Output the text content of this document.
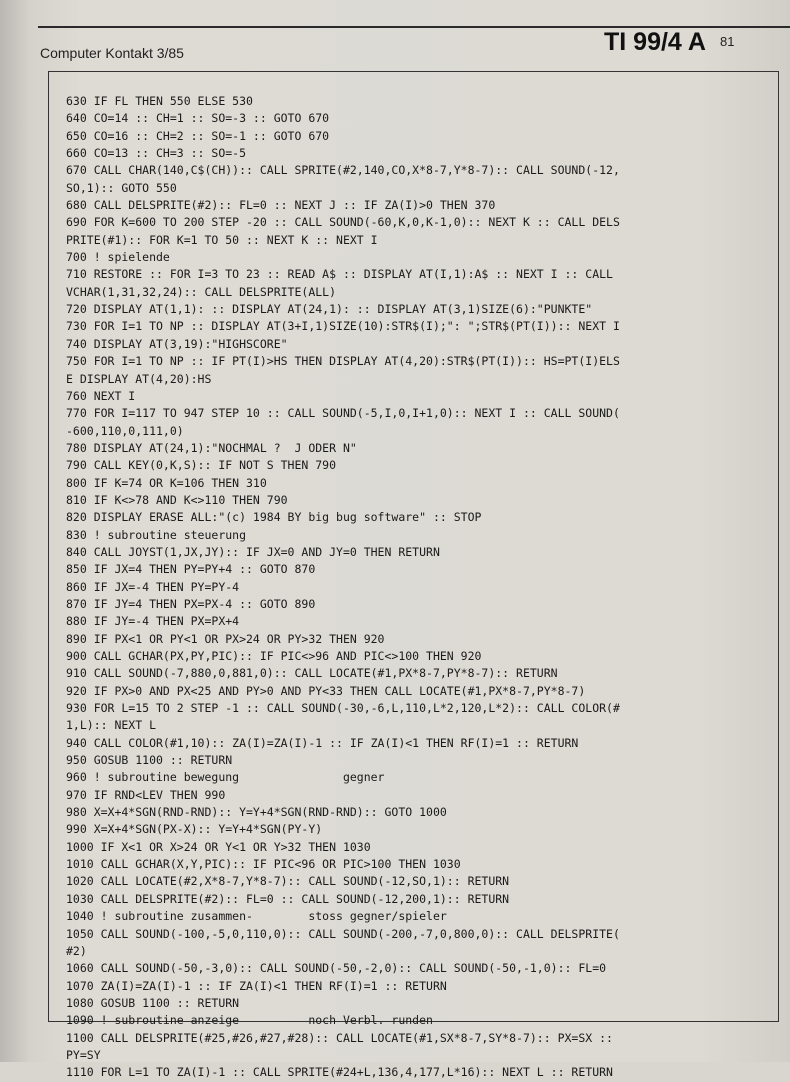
Computer Kontakt 3/85	TI 99/4 A 81
630 IF FL THEN 550 ELSE 530
640 CO=14 :: CH=1 :: SO=-3 :: GOTO 670
650 CO=16 :: CH=2 :: SO=-1 :: GOTO 670
660 CO=13 :: CH=3 :: SO=-5
670 CALL CHAR(140,C$(CH)):: CALL SPRITE(#2,140,CO,X*8-7,Y*8-7):: CALL SOUND(-12,
SO,1):: GOTO 550
680 CALL DELSPRITE(#2):: FL=0 :: NEXT J :: IF ZA(I)>0 THEN 370
690 FOR K=600 TO 200 STEP -20 :: CALL SOUND(-60,K,0,K-1,0):: NEXT K :: CALL DELS
PRITE(#1):: FOR K=1 TO 50 :: NEXT K :: NEXT I
700 ! spielende
710 RESTORE :: FOR I=3 TO 23 :: READ A$ :: DISPLAY AT(I,1):A$ :: NEXT I :: CALL
VCHAR(1,31,32,24):: CALL DELSPRITE(ALL)
720 DISPLAY AT(1,1): :: DISPLAY AT(24,1): :: DISPLAY AT(3,1)SIZE(6):"PUNKTE"
730 FOR I=1 TO NP :: DISPLAY AT(3+I,1)SIZE(10):STR$(I);": ";STR$(PT(I)):: NEXT I
740 DISPLAY AT(3,19):"HIGHSCORE"
750 FOR I=1 TO NP :: IF PT(I)>HS THEN DISPLAY AT(4,20):STR$(PT(I)):: HS=PT(I)ELS
E DISPLAY AT(4,20):HS
760 NEXT I
770 FOR I=117 TO 947 STEP 10 :: CALL SOUND(-5,I,0,I+1,0):: NEXT I :: CALL SOUND(
-600,110,0,111,0)
780 DISPLAY AT(24,1):"NOCHMAL ?  J ODER N"
790 CALL KEY(0,K,S):: IF NOT S THEN 790
800 IF K=74 OR K=106 THEN 310
810 IF K<>78 AND K<>110 THEN 790
820 DISPLAY ERASE ALL:"(c) 1984 BY big bug software" :: STOP
830 ! subroutine steuerung
840 CALL JOYST(1,JX,JY):: IF JX=0 AND JY=0 THEN RETURN
850 IF JX=4 THEN PY=PY+4 :: GOTO 870
860 IF JX=-4 THEN PY=PY-4
870 IF JY=4 THEN PX=PX-4 :: GOTO 890
880 IF JY=-4 THEN PX=PX+4
890 IF PX<1 OR PY<1 OR PX>24 OR PY>32 THEN 920
900 CALL GCHAR(PX,PY,PIC):: IF PIC<>96 AND PIC<>100 THEN 920
910 CALL SOUND(-7,880,0,881,0):: CALL LOCATE(#1,PX*8-7,PY*8-7):: RETURN
920 IF PX>0 AND PX<25 AND PY>0 AND PY<33 THEN CALL LOCATE(#1,PX*8-7,PY*8-7)
930 FOR L=15 TO 2 STEP -1 :: CALL SOUND(-30,-6,L,110,L*2,120,L*2):: CALL COLOR(#
1,L):: NEXT L
940 CALL COLOR(#1,10):: ZA(I)=ZA(I)-1 :: IF ZA(I)<1 THEN RF(I)=1 :: RETURN
950 GOSUB 1100 :: RETURN
960 ! subroutine bewegung               gegner
970 IF RND<LEV THEN 990
980 X=X+4*SGN(RND-RND):: Y=Y+4*SGN(RND-RND):: GOTO 1000
990 X=X+4*SGN(PX-X):: Y=Y+4*SGN(PY-Y)
1000 IF X<1 OR X>24 OR Y<1 OR Y>32 THEN 1030
1010 CALL GCHAR(X,Y,PIC):: IF PIC<96 OR PIC>100 THEN 1030
1020 CALL LOCATE(#2,X*8-7,Y*8-7):: CALL SOUND(-12,SO,1):: RETURN
1030 CALL DELSPRITE(#2):: FL=0 :: CALL SOUND(-12,200,1):: RETURN
1040 ! subroutine zusammen-        stoss gegner/spieler
1050 CALL SOUND(-100,-5,0,110,0):: CALL SOUND(-200,-7,0,800,0):: CALL DELSPRITE(
#2)
1060 CALL SOUND(-50,-3,0):: CALL SOUND(-50,-2,0):: CALL SOUND(-50,-1,0):: FL=0
1070 ZA(I)=ZA(I)-1 :: IF ZA(I)<1 THEN RF(I)=1 :: RETURN
1080 GOSUB 1100 :: RETURN
1090 ! subroutine anzeige          noch Verbl. runden
1100 CALL DELSPRITE(#25,#26,#27,#28):: CALL LOCATE(#1,SX*8-7,SY*8-7):: PX=SX ::
PY=SY
1110 FOR L=1 TO ZA(I)-1 :: CALL SPRITE(#24+L,136,4,177,L*16):: NEXT L :: RETURN
